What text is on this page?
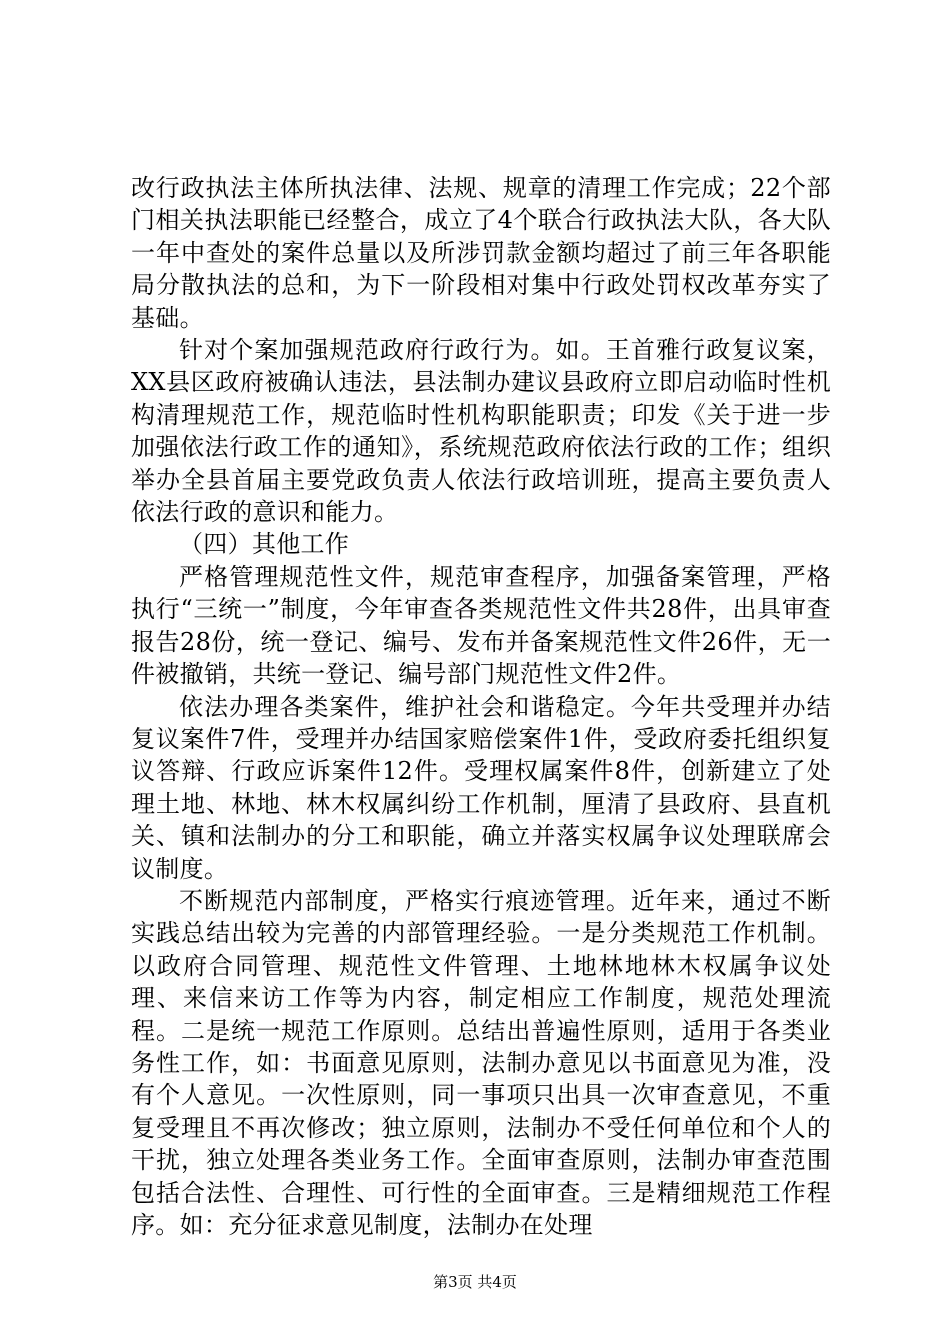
改行政执法主体所执法律、法规、规章的清理工作完成；22个部门相关执法职能已经整合，成立了4个联合行政执法大队，各大队一年中查处的案件总量以及所涉罚款金额均超过了前三年各职能局分散执法的总和，为下一阶段相对集中行政处罚权改革夯实了基础。

针对个案加强规范政府行政行为。如。王首雅行政复议案，XX县区政府被确认违法，县法制办建议县政府立即启动临时性机构清理规范工作，规范临时性机构职能职责；印发《关于进一步加强依法行政工作的通知》，系统规范政府依法行政的工作；组织举办全县首届主要党政负责人依法行政培训班，提高主要负责人依法行政的意识和能力。

（四）其他工作

严格管理规范性文件，规范审查程序，加强备案管理，严格执行“三统一”制度，今年审查各类规范性文件共28件，出具审查报告28份，统一登记、编号、发布并备案规范性文件26件，无一件被撤销，共统一登记、编号部门规范性文件2件。

依法办理各类案件，维护社会和谐稳定。今年共受理并办结复议案件7件，受理并办结国家赔偿案件1件，受政府委托组织复议答辩、行政应诉案件12件。受理权属案件8件，创新建立了处理土地、林地、林木权属纠纷工作机制，厘清了县政府、县直机关、镇和法制办的分工和职能，确立并落实权属争议处理联席会议制度。

不断规范内部制度，严格实行痕迹管理。近年来，通过不断实践总结出较为完善的内部管理经验。一是分类规范工作机制。以政府合同管理、规范性文件管理、土地林地林木权属争议处理、来信来访工作等为内容，制定相应工作制度，规范处理流程。二是统一规范工作原则。总结出普遍性原则，适用于各类业务性工作，如：书面意见原则，法制办意见以书面意见为准，没有个人意见。一次性原则，同一事项只出具一次审查意见，不重复受理且不再次修改；独立原则，法制办不受任何单位和个人的干扰，独立处理各类业务工作。全面审查原则，法制办审查范围包括合法性、合理性、可行性的全面审查。三是精细规范工作程序。如：充分征求意见制度，法制办在处理

第3页 共4页
